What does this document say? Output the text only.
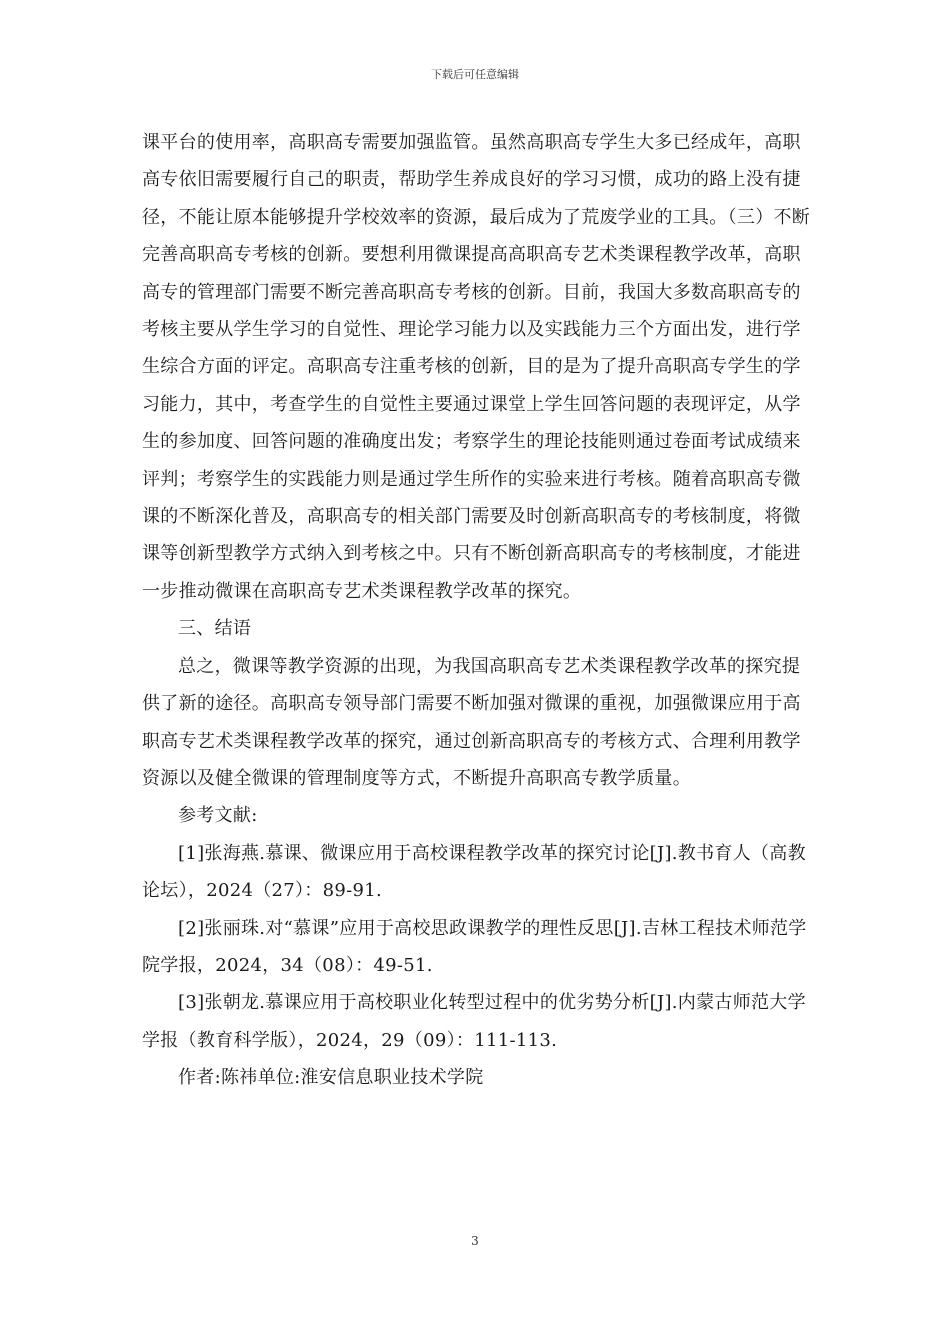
下载后可任意编辑

课平台的使用率，高职高专需要加强监管。虽然高职高专学生大多已经成年，高职高专依旧需要履行自己的职责，帮助学生养成良好的学习习惯，成功的路上没有捷径，不能让原本能够提升学校效率的资源，最后成为了荒废学业的工具。（三）不断完善高职高专考核的创新。要想利用微课提高高职高专艺术类课程教学改革，高职高专的管理部门需要不断完善高职高专考核的创新。目前，我国大多数高职高专的考核主要从学生学习的自觉性、理论学习能力以及实践能力三个方面出发，进行学生综合方面的评定。高职高专注重考核的创新，目的是为了提升高职高专学生的学习能力，其中，考查学生的自觉性主要通过课堂上学生回答问题的表现评定，从学生的参加度、回答问题的准确度出发；考察学生的理论技能则通过卷面考试成绩来评判；考察学生的实践能力则是通过学生所作的实验来进行考核。随着高职高专微课的不断深化普及，高职高专的相关部门需要及时创新高职高专的考核制度，将微课等创新型教学方式纳入到考核之中。只有不断创新高职高专的考核制度，才能进一步推动微课在高职高专艺术类课程教学改革的探究。

三、结语

总之，微课等教学资源的出现，为我国高职高专艺术类课程教学改革的探究提供了新的途径。高职高专领导部门需要不断加强对微课的重视，加强微课应用于高职高专艺术类课程教学改革的探究，通过创新高职高专的考核方式、合理利用教学资源以及健全微课的管理制度等方式，不断提升高职高专教学质量。

参考文献:

[1]张海燕.慕课、微课应用于高校课程教学改革的探究讨论[J].教书育人（高教论坛），2024（27）：89-91.

[2]张丽珠.对“慕课”应用于高校思政课教学的理性反思[J].吉林工程技术师范学院学报，2024，34（08）：49-51.

[3]张朝龙.慕课应用于高校职业化转型过程中的优劣势分析[J].内蒙古师范大学学报（教育科学版），2024，29（09）：111-113.

作者:陈祎单位:淮安信息职业技术学院

3
